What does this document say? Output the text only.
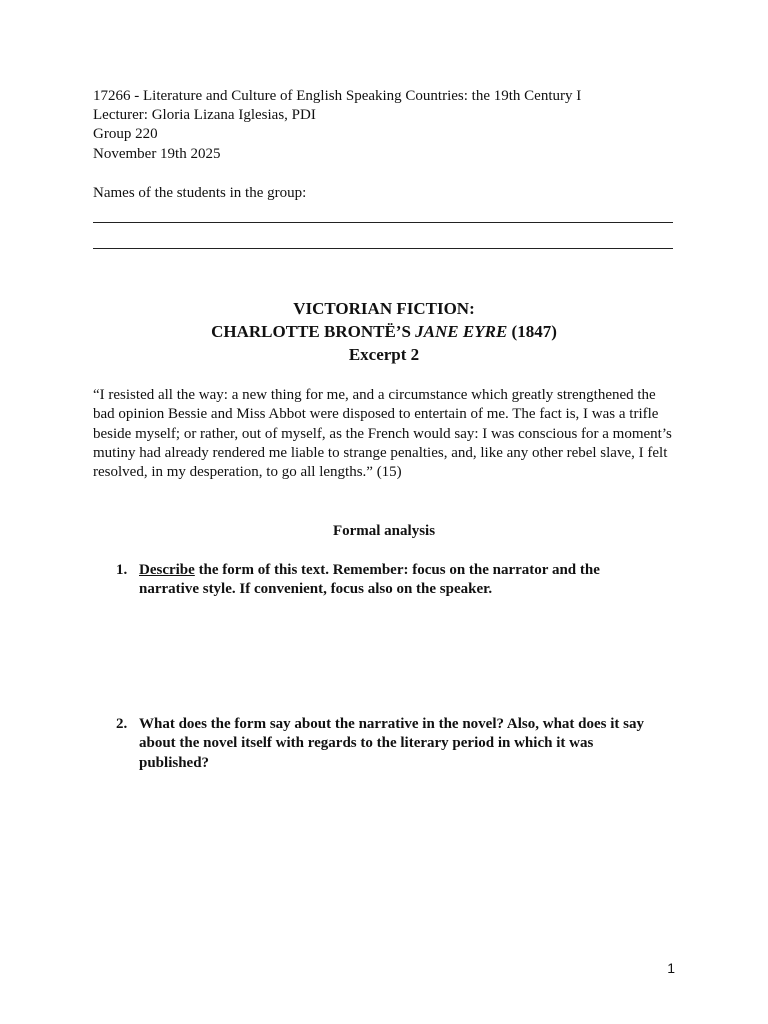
17266 - Literature and Culture of English Speaking Countries: the 19th Century I
Lecturer: Gloria Lizana Iglesias, PDI
Group 220
November 19th 2025
Names of the students in the group:
VICTORIAN FICTION:
CHARLOTTE BRONTË’S JANE EYRE (1847)
Excerpt 2
“I resisted all the way: a new thing for me, and a circumstance which greatly strengthened the bad opinion Bessie and Miss Abbot were disposed to entertain of me. The fact is, I was a trifle beside myself; or rather, out of myself, as the French would say: I was conscious for a moment’s mutiny had already rendered me liable to strange penalties, and, like any other rebel slave, I felt resolved, in my desperation, to go all lengths.” (15)
Formal analysis
1. Describe the form of this text. Remember: focus on the narrator and the narrative style. If convenient, focus also on the speaker.
2. What does the form say about the narrative in the novel? Also, what does it say about the novel itself with regards to the literary period in which it was published?
1
